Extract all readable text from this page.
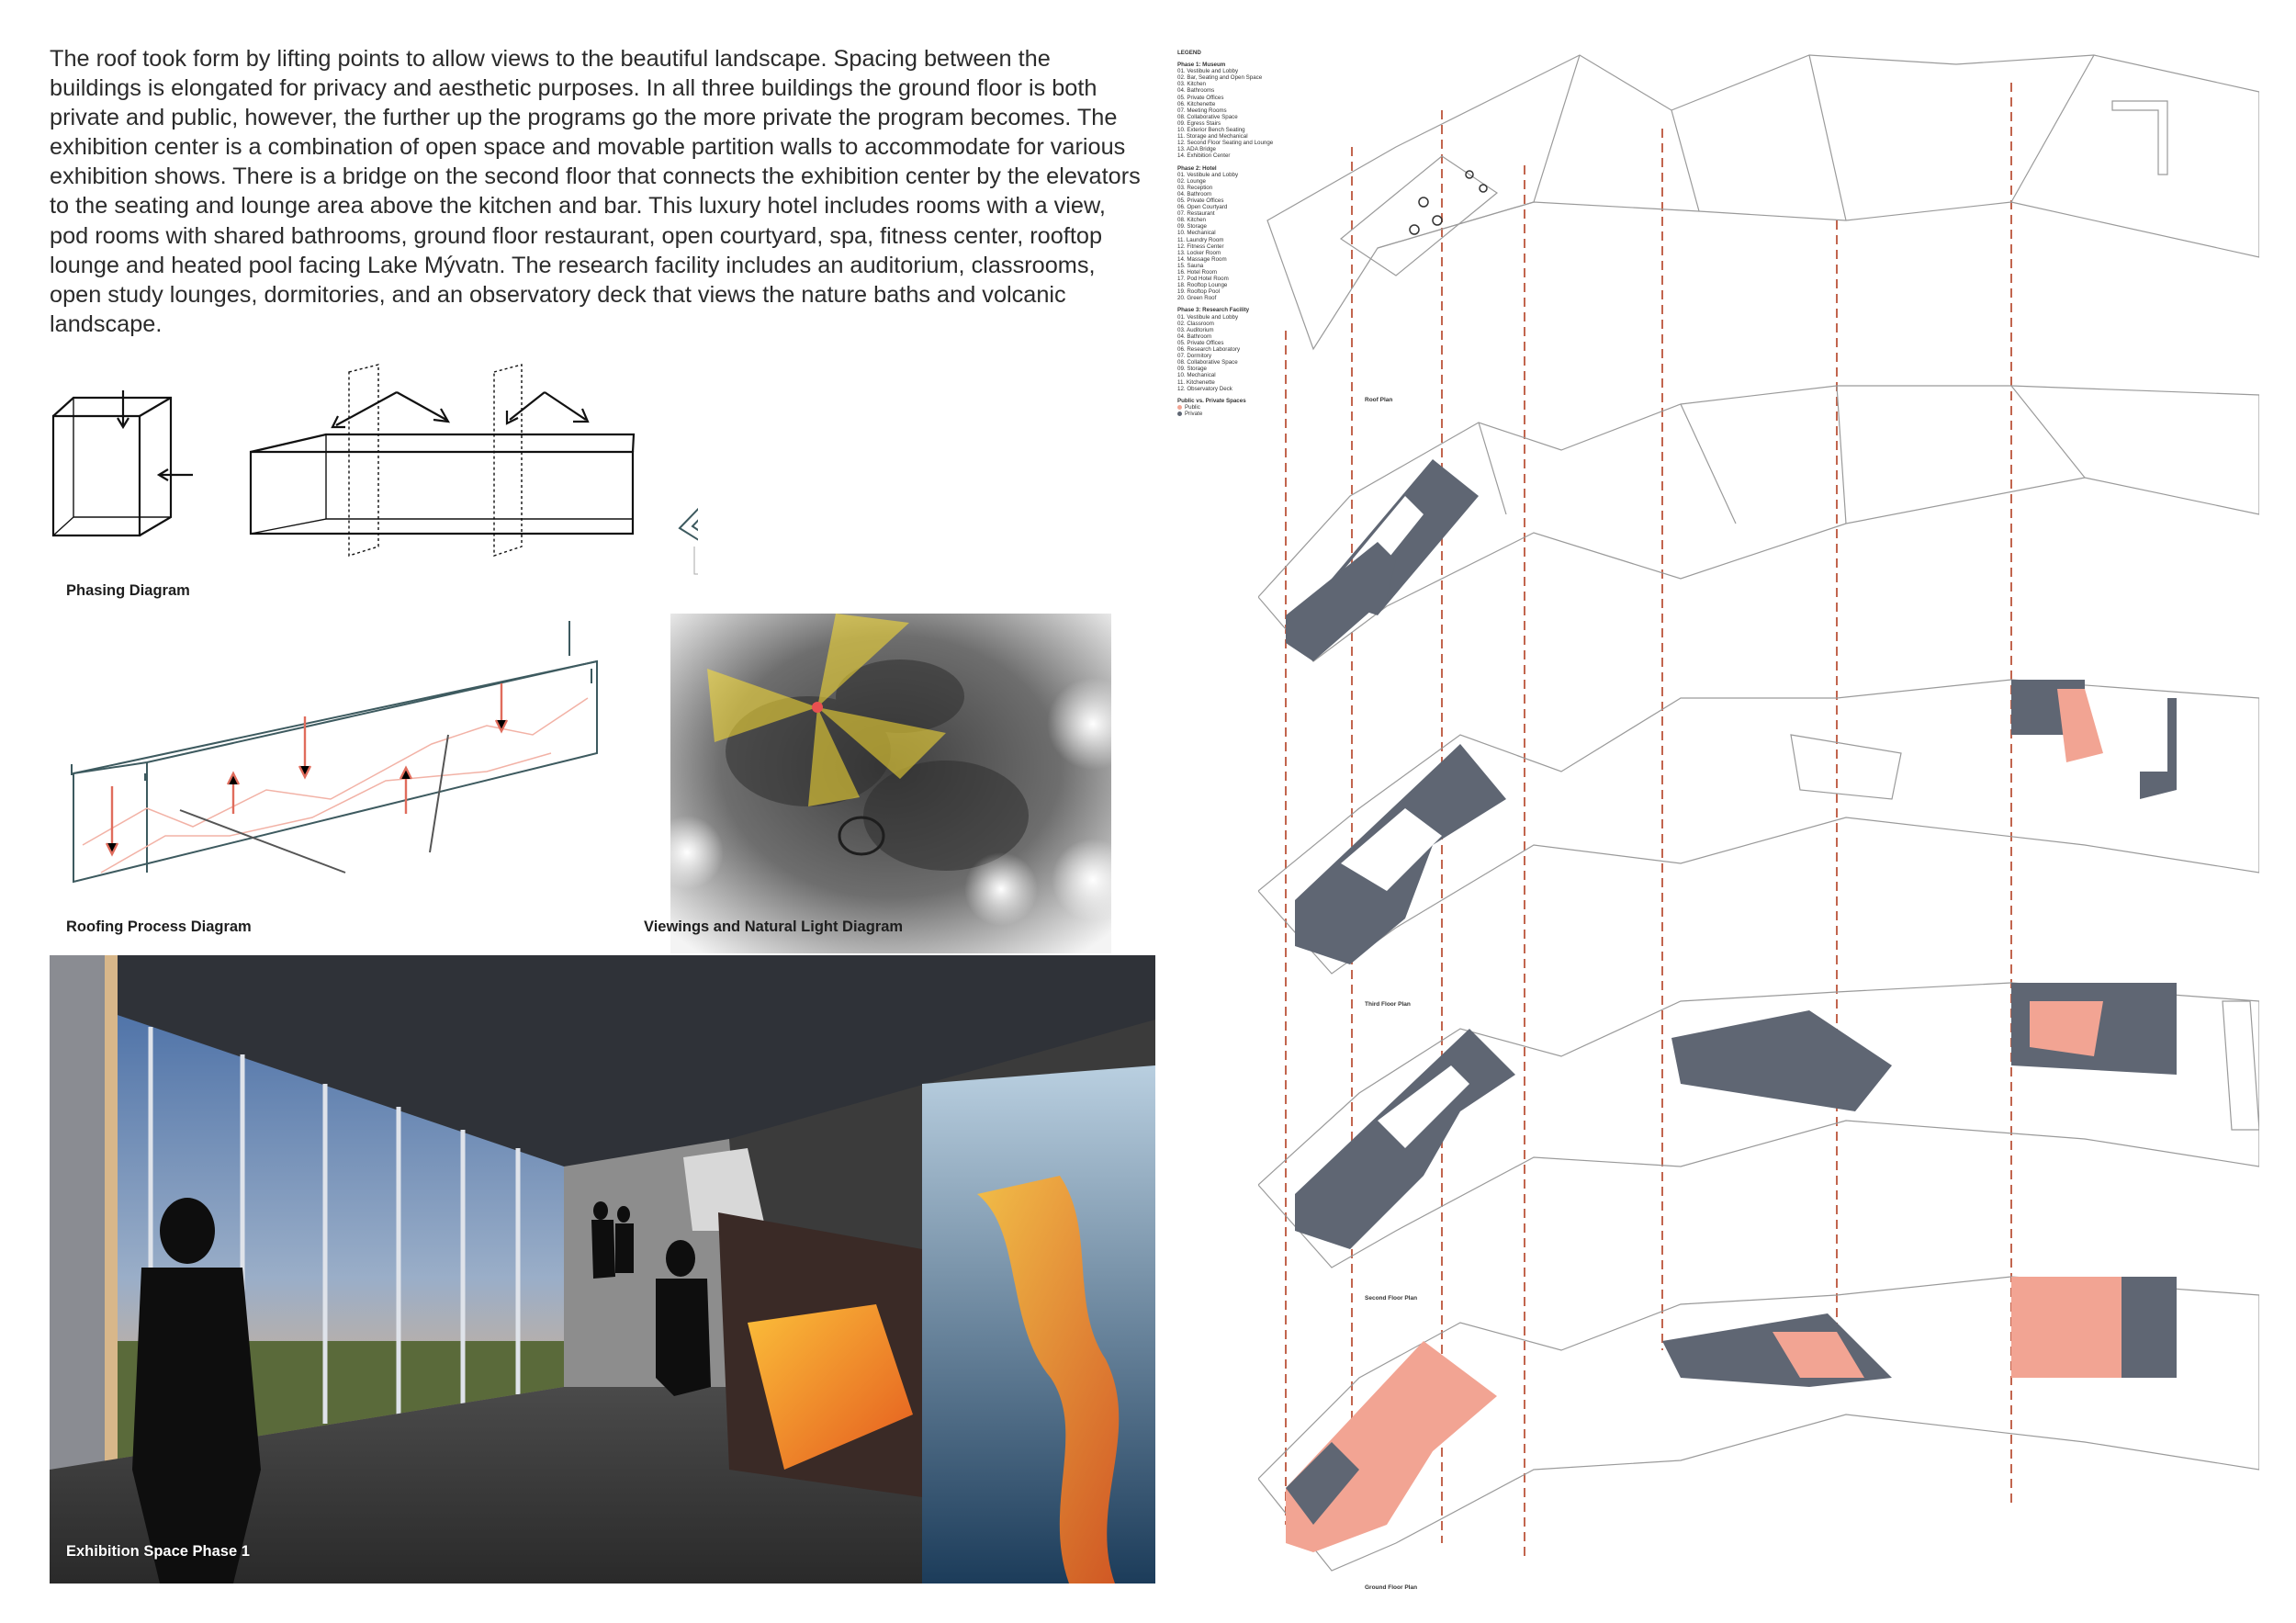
The roof took form by lifting points to allow views to the beautiful landscape. Spacing between the buildings is elongated for privacy and aesthetic purposes. In all three buildings the ground floor is both private and public, however, the further up the programs go the more private the program becomes. The exhibition center is a combination of open space and movable partition walls to accommodate for various exhibition shows. There is a bridge on the second floor that connects the exhibition center by the elevators to the seating and lounge area above the kitchen and bar. This luxury hotel includes rooms with a view, pod rooms with shared bathrooms, ground floor restaurant, open courtyard, spa, fitness center, rooftop lounge and heated pool facing Lake Mývatn. The research facility includes an auditorium, classrooms, open study lounges, dormitories, and an observatory deck that views the nature baths and volcanic landscape.

Phasing Diagram
Roofing Process Diagram	Viewings and Natural Light Diagram
Exhibition Space Phase 1
LEGEND
Phase 1: Museum
01. Vestibule and Lobby
02. Bar, Seating and Open Space
03. Kitchen
04. Bathrooms
05. Private Offices
06. Kitchenette
07. Meeting Rooms
08. Collaborative Space
09. Egress Stairs
10. Exterior Bench Seating
11. Storage and Mechanical
12. Second Floor Seating and Lounge
13. ADA Bridge
14. Exhibition Center
Phase 2: Hotel
01. Vestibule and Lobby
02. Lounge
03. Reception
04. Bathroom
05. Private Offices
06. Open Courtyard
07. Restaurant
08. Kitchen
09. Storage
10. Mechanical
11. Laundry Room
12. Fitness Center
13. Locker Room
14. Massage Room
15. Sauna
16. Hotel Room
17. Pod Hotel Room
18. Rooftop Lounge
19. Rooftop Pool
20. Green Roof
Phase 3: Research Facility
01. Vestibule and Lobby
02. Classroom
03. Auditorium
04. Bathroom
05. Private Offices
06. Research Laboratory
07. Dormitory
08. Collaborative Space
09. Storage
10. Mechanical
11. Kitchenette
12. Observatory Deck
Public vs. Private Spaces
Public
Private
Roof Plan
Third Floor Plan
Second Floor Plan
Ground Floor Plan
